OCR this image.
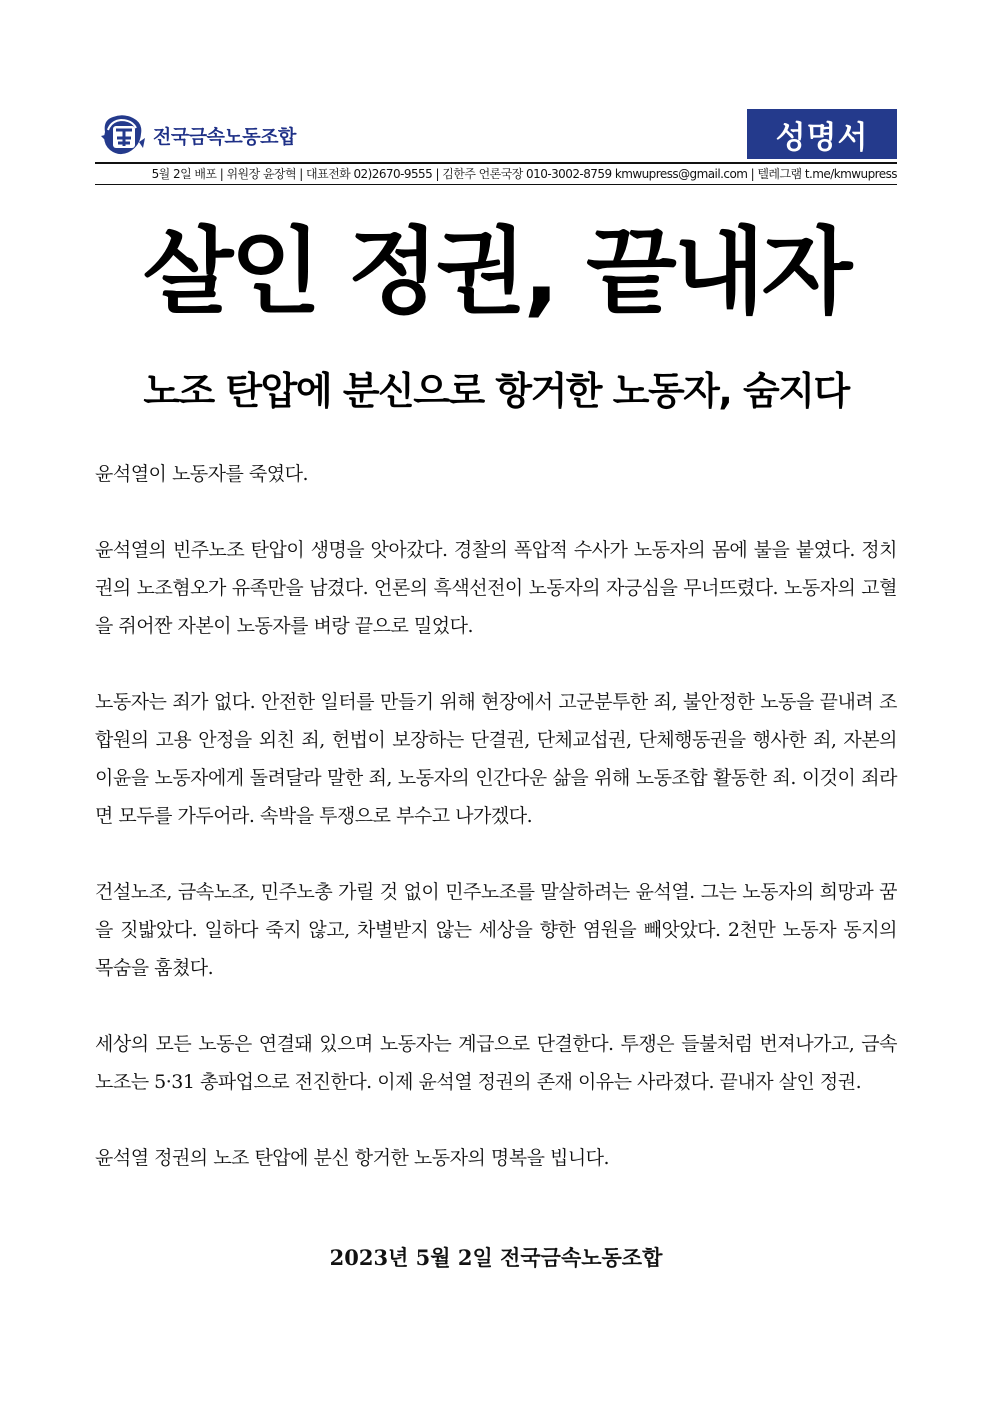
전국금속노동조합	성명서
5월 2일 배포 | 위원장 윤장혁 | 대표전화 02)2670-9555 | 김한주 언론국장 010-3002-8759 kmwupress@gmail.com | 텔레그램 t.me/kmwupress
살인 정권, 끝내자
노조 탄압에 분신으로 항거한 노동자, 숨지다

윤석열이 노동자를 죽였다.

윤석열의 빈주노조 탄압이 생명을 앗아갔다. 경찰의 폭압적 수사가 노동자의 몸에 불을 붙였다. 정치권의 노조혐오가 유족만을 남겼다. 언론의 흑색선전이 노동자의 자긍심을 무너뜨렸다. 노동자의 고혈을 쥐어짠 자본이 노동자를 벼랑 끝으로 밀었다.

노동자는 죄가 없다. 안전한 일터를 만들기 위해 현장에서 고군분투한 죄, 불안정한 노동을 끝내려 조합원의 고용 안정을 외친 죄, 헌법이 보장하는 단결권, 단체교섭권, 단체행동권을 행사한 죄, 자본의 이윤을 노동자에게 돌려달라 말한 죄, 노동자의 인간다운 삶을 위해 노동조합 활동한 죄. 이것이 죄라면 모두를 가두어라. 속박을 투쟁으로 부수고 나가겠다.

건설노조, 금속노조, 민주노총 가릴 것 없이 민주노조를 말살하려는 윤석열. 그는 노동자의 희망과 꿈을 짓밟았다. 일하다 죽지 않고, 차별받지 않는 세상을 향한 염원을 빼앗았다. 2천만 노동자 동지의 목숨을 훔쳤다.

세상의 모든 노동은 연결돼 있으며 노동자는 계급으로 단결한다. 투쟁은 들불처럼 번져나가고, 금속노조는 5·31 총파업으로 전진한다. 이제 윤석열 정권의 존재 이유는 사라졌다. 끝내자 살인 정권.

윤석열 정권의 노조 탄압에 분신 항거한 노동자의 명복을 빕니다.

2023년 5월 2일 전국금속노동조합
